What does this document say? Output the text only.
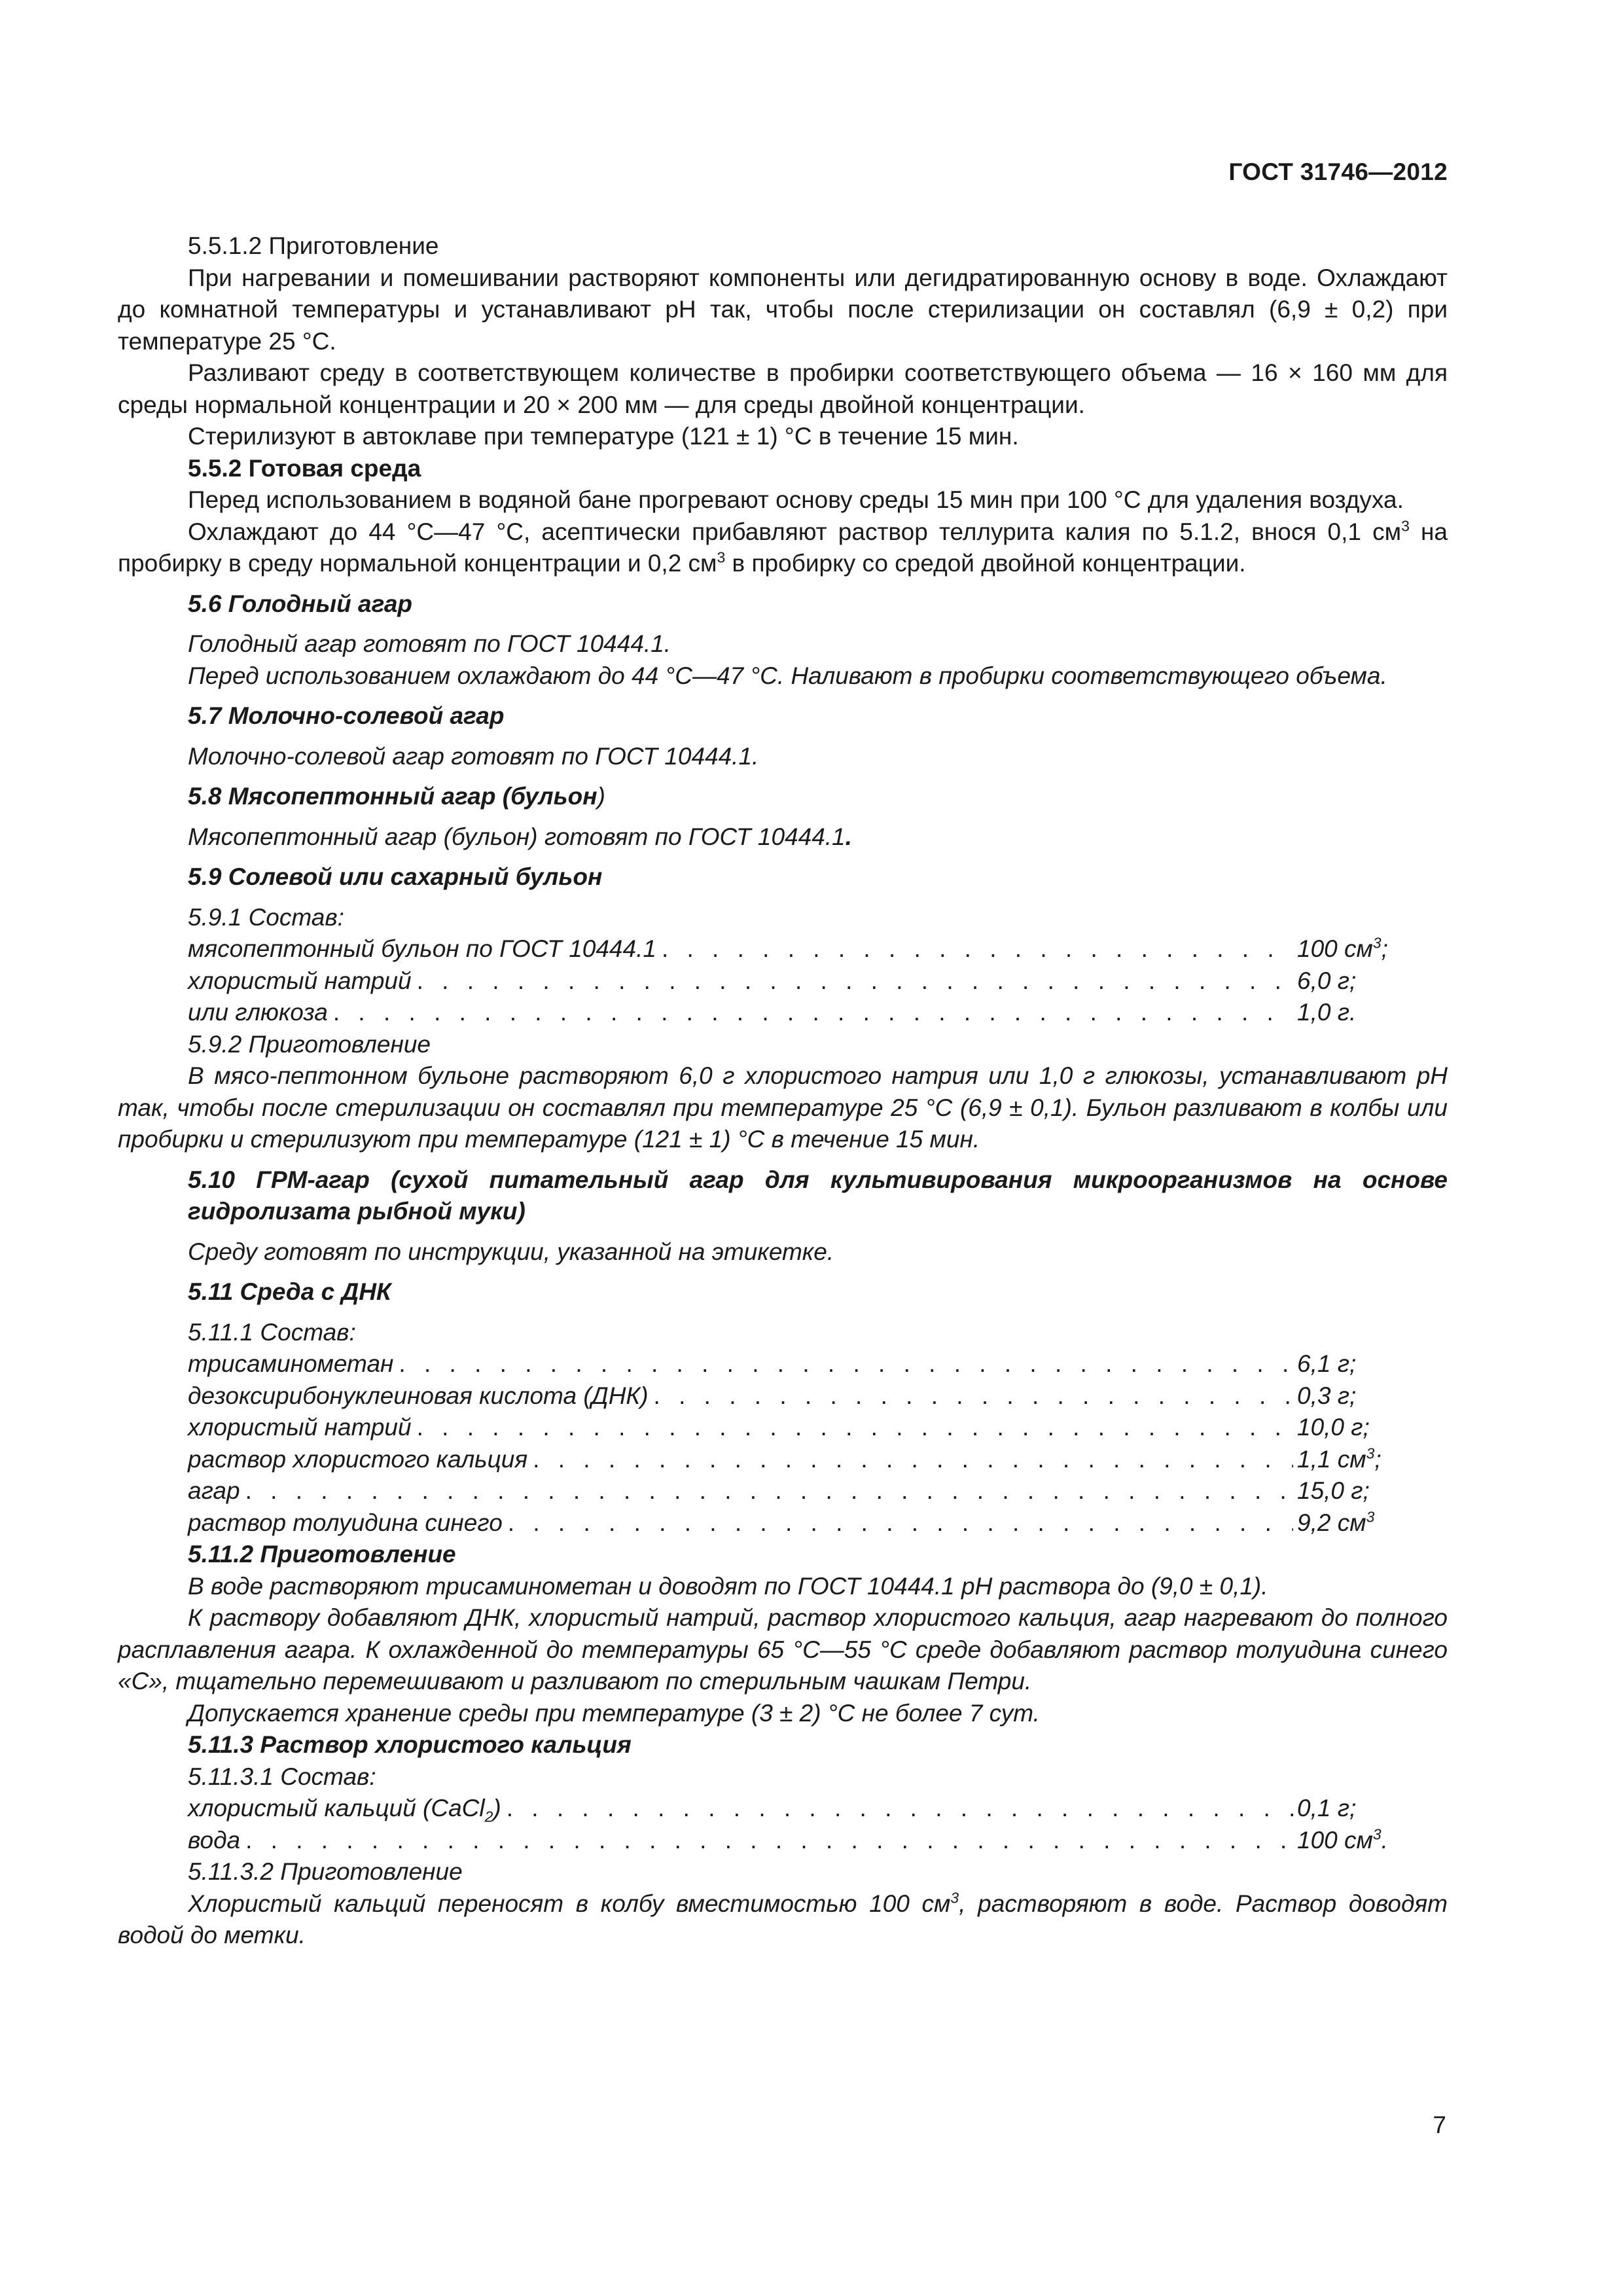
ГОСТ 31746—2012

5.5.1.2 Приготовление

При нагревании и помешивании растворяют компоненты или дегидратированную основу в воде. Охлаждают до комнатной температуры и устанавливают pH так, чтобы после стерилизации он составлял (6,9 ± 0,2) при температуре 25 °С.

Разливают среду в соответствующем количестве в пробирки соответствующего объема — 16 × 160 мм для среды нормальной концентрации и 20 × 200 мм — для среды двойной концентрации.

Стерилизуют в автоклаве при температуре (121 ± 1) °С в течение 15 мин.

5.5.2 Готовая среда

Перед использованием в водяной бане прогревают основу среды 15 мин при 100 °С для удаления воздуха.

Охлаждают до 44 °С—47 °С, асептически прибавляют раствор теллурита калия по 5.1.2, внося 0,1 $см^3$ на пробирку в среду нормальной концентрации и 0,2 $см^3$ в пробирку со средой двойной концентрации.

5.6 Голодный агар

Голодный агар готовят по ГОСТ 10444.1.

Перед использованием охлаждают до 44 °С—47 °С. Наливают в пробирки соответствующего объема.

5.7 Молочно-солевой агар

Молочно-солевой агар готовят по ГОСТ 10444.1.

5.8 Мясопептонный агар (бульон)

Мясопептонный агар (бульон) готовят по ГОСТ 10444.1.

5.9 Солевой или сахарный бульон

5.9.1 Состав:

мясопептонный бульон по ГОСТ 10444.1 . . .	100 $см^3$;
хлористый натрий . . .	6,0 г;
или глюкоза . . .	1,0 г.

5.9.2 Приготовление

В мясо-пептонном бульоне растворяют 6,0 г хлористого натрия или 1,0 г глюкозы, устанавливают pH так, чтобы после стерилизации он составлял при температуре 25 °С (6,9 ± 0,1). Бульон разливают в колбы или пробирки и стерилизуют при температуре (121 ± 1) °С в течение 15 мин.

5.10 ГРМ-агар (сухой питательный агар для культивирования микроорганизмов на основе гидролизата рыбной муки)

Среду готовят по инструкции, указанной на этикетке.

5.11 Среда с ДНК

5.11.1 Состав:

трисаминометан . . .	6,1 г;
дезоксирибонуклеиновая кислота (ДНК) . . .	0,3 г;
хлористый натрий . . .	10,0 г;
раствор хлористого кальция . . .	1,1 $см^3$;
агар . . .	15,0 г;
раствор толуидина синего . . .	9,2 $см^3$

5.11.2 Приготовление

В воде растворяют трисаминометан и доводят по ГОСТ 10444.1 pH раствора до (9,0 ± 0,1).

К раствору добавляют ДНК, хлористый натрий, раствор хлористого кальция, агар нагревают до полного расплавления агара. К охлажденной до температуры 65 °С—55 °С среде добавляют раствор толуидина синего «С», тщательно перемешивают и разливают по стерильным чашкам Петри.

Допускается хранение среды при температуре (3 ± 2) °С не более 7 сут.

5.11.3 Раствор хлористого кальция

5.11.3.1 Состав:

хлористый кальций (CaCl$_2$) . . .	0,1 г;
вода . . .	100 $см^3$.

5.11.3.2 Приготовление

Хлористый кальций переносят в колбу вместимостью 100 $см^3$, растворяют в воде. Раствор доводят водой до метки.

7
